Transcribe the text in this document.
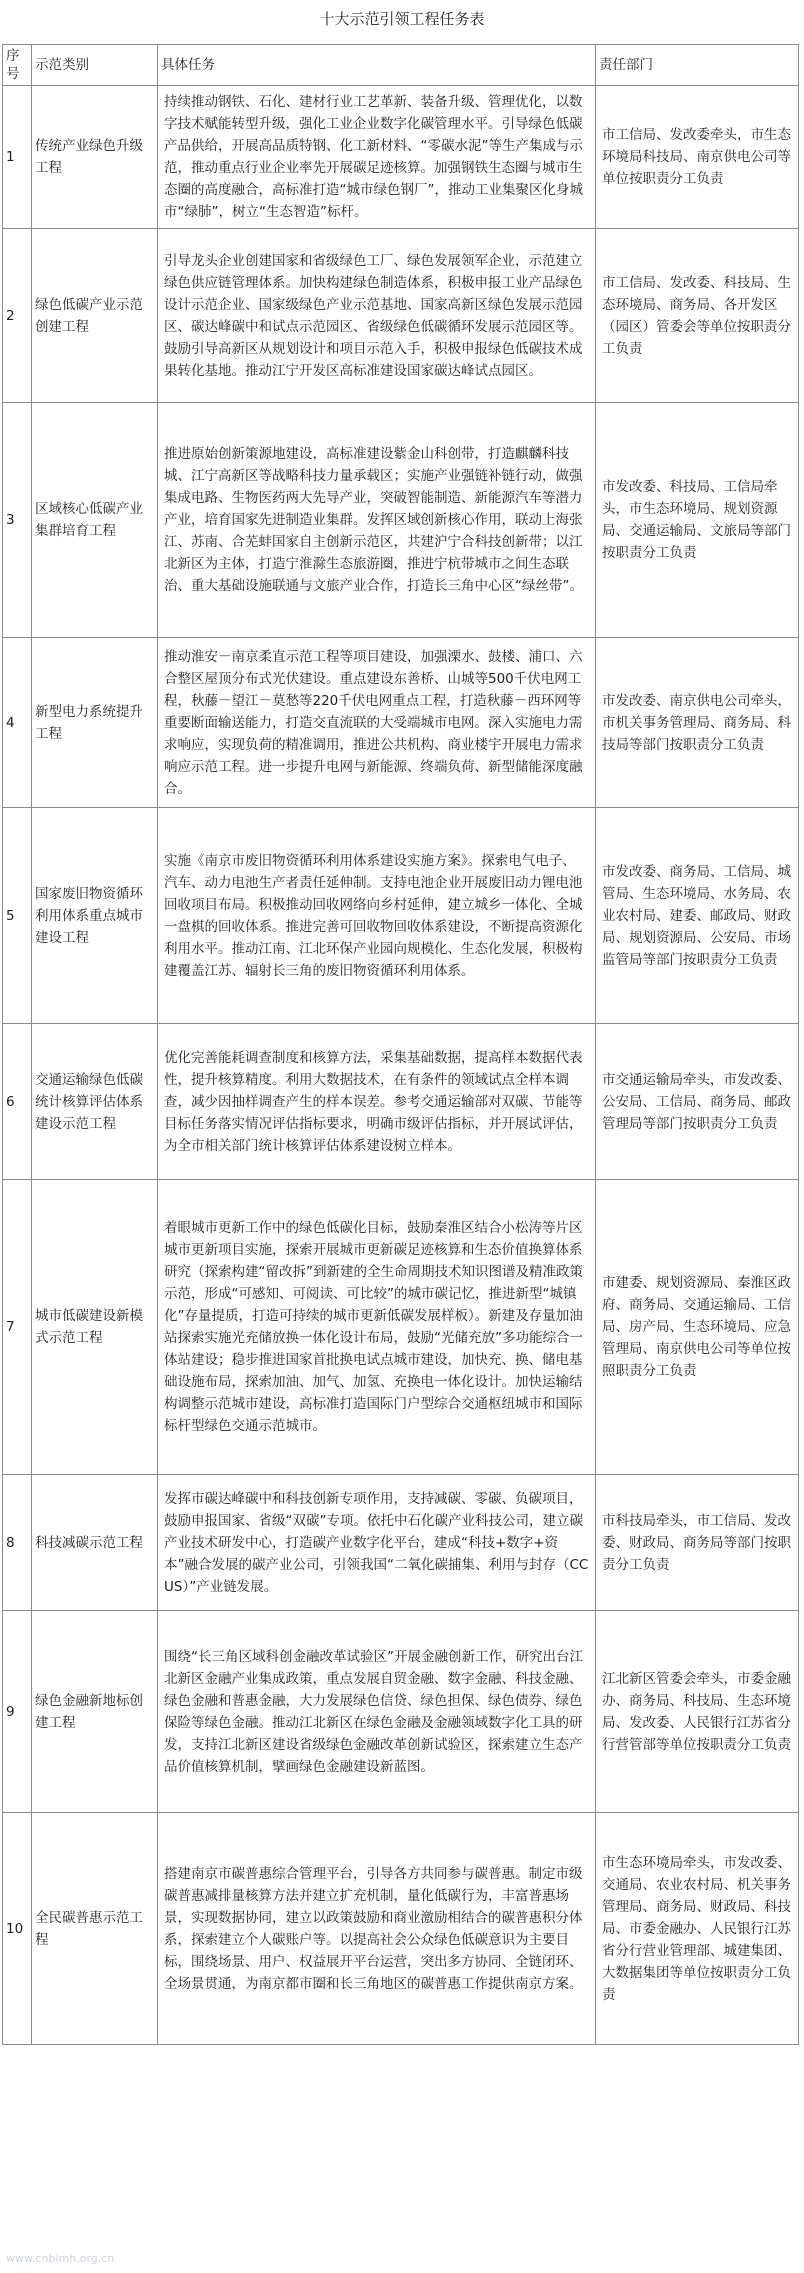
十大示范引领工程任务表
序号	示范类别	具体任务	责任部门
1	传统产业绿色升级工程	持续推动钢铁、石化、建材行业工艺革新、装备升级、管理优化，以数字技术赋能转型升级，强化工业企业数字化碳管理水平。引导绿色低碳产品供给，开展高品质特钢、化工新材料、“零碳水泥”等生产集成与示范，推动重点行业企业率先开展碳足迹核算。加强钢铁生态圈与城市生态圈的高度融合，高标准打造“城市绿色钢厂”，推动工业集聚区化身城市“绿肺”，树立“生态智造”标杆。	市工信局、发改委牵头，市生态环境局科技局、南京供电公司等单位按职责分工负责
2	绿色低碳产业示范创建工程	引导龙头企业创建国家和省级绿色工厂、绿色发展领军企业，示范建立绿色供应链管理体系。加快构建绿色制造体系，积极申报工业产品绿色设计示范企业、国家级绿色产业示范基地、国家高新区绿色发展示范园区、碳达峰碳中和试点示范园区、省级绿色低碳循环发展示范园区等。鼓励引导高新区从规划设计和项目示范入手，积极申报绿色低碳技术成果转化基地。推动江宁开发区高标准建设国家碳达峰试点园区。	市工信局、发改委、科技局、生态环境局、商务局、各开发区（园区）管委会等单位按职责分工负责
3	区域核心低碳产业集群培育工程	推进原始创新策源地建设，高标准建设紫金山科创带，打造麒麟科技城、江宁高新区等战略科技力量承载区；实施产业强链补链行动，做强集成电路、生物医药两大先导产业，突破智能制造、新能源汽车等潜力产业，培育国家先进制造业集群。发挥区域创新核心作用，联动上海张江、苏南、合芜蚌国家自主创新示范区，共建沪宁合科技创新带；以江北新区为主体，打造宁淮滁生态旅游圈，推进宁杭带城市之间生态联治、重大基础设施联通与文旅产业合作，打造长三角中心区“绿丝带”。	市发改委、科技局、工信局牵头，市生态环境局、规划资源局、交通运输局、文旅局等部门按职责分工负责
4	新型电力系统提升工程	推动淮安－南京柔直示范工程等项目建设，加强溧水、鼓楼、浦口、六合整区屋顶分布式光伏建设。重点建设东善桥、山城等500千伏电网工程，秋藤－望江－莫愁等220千伏电网重点工程，打造秋藤－西环网等重要断面输送能力，打造交直流联的大受端城市电网。深入实施电力需求响应，实现负荷的精准调用，推进公共机构、商业楼宇开展电力需求响应示范工程。进一步提升电网与新能源、终端负荷、新型储能深度融合。	市发改委、南京供电公司牵头，市机关事务管理局、商务局、科技局等部门按职责分工负责
5	国家废旧物资循环利用体系重点城市建设工程	实施《南京市废旧物资循环利用体系建设实施方案》。探索电气电子、汽车、动力电池生产者责任延伸制。支持电池企业开展废旧动力锂电池回收项目布局。积极推动回收网络向乡村延伸，建立城乡一体化、全城一盘棋的回收体系。推进完善可回收物回收体系建设，不断提高资源化利用水平。推动江南、江北环保产业园向规模化、生态化发展，积极构建覆盖江苏、辐射长三角的废旧物资循环利用体系。	市发改委、商务局、工信局、城管局、生态环境局、水务局、农业农村局、建委、邮政局、财政局、规划资源局、公安局、市场监管局等部门按职责分工负责
6	交通运输绿色低碳统计核算评估体系建设示范工程	优化完善能耗调查制度和核算方法，采集基础数据，提高样本数据代表性，提升核算精度。利用大数据技术，在有条件的领域试点全样本调查，减少因抽样调查产生的样本误差。参考交通运输部对双碳、节能等目标任务落实情况评估指标要求，明确市级评估指标，并开展试评估，为全市相关部门统计核算评估体系建设树立样本。	市交通运输局牵头，市发改委、公安局、工信局、商务局、邮政管理局等部门按职责分工负责
7	城市低碳建设新模式示范工程	着眼城市更新工作中的绿色低碳化目标，鼓励秦淮区结合小松涛等片区城市更新项目实施，探索开展城市更新碳足迹核算和生态价值换算体系研究（探索构建“留改拆”到新建的全生命周期技术知识图谱及精准政策示范，形成“可感知、可阅读、可比较”的城市碳记忆，推进新型“城镇化”存量提质，打造可持续的城市更新低碳发展样板）。新建及存量加油站探索实施光充储放换一体化设计布局，鼓励“光储充放”多功能综合一体站建设；稳步推进国家首批换电试点城市建设，加快充、换、储电基础设施布局，探索加油、加气、加氢、充换电一体化设计。加快运输结构调整示范城市建设，高标准打造国际门户型综合交通枢纽城市和国际标杆型绿色交通示范城市。	市建委、规划资源局、秦淮区政府、商务局、交通运输局、工信局、房产局、生态环境局、应急管理局、南京供电公司等单位按照职责分工负责
8	科技减碳示范工程	发挥市碳达峰碳中和科技创新专项作用，支持减碳、零碳、负碳项目，鼓励申报国家、省级“双碳”专项。依托中石化碳产业科技公司，建立碳产业技术研发中心，打造碳产业数字化平台，建成“科技+数字+资本”融合发展的碳产业公司，引领我国“二氧化碳捕集、利用与封存（CCUS）”产业链发展。	市科技局牵头，市工信局、发改委、财政局、商务局等部门按职责分工负责
9	绿色金融新地标创建工程	围绕“长三角区域科创金融改革试验区”开展金融创新工作，研究出台江北新区金融产业集成政策，重点发展自贸金融、数字金融、科技金融、绿色金融和普惠金融，大力发展绿色信贷、绿色担保、绿色债券、绿色保险等绿色金融。推动江北新区在绿色金融及金融领域数字化工具的研发，支持江北新区建设省级绿色金融改革创新试验区，探索建立生态产品价值核算机制，擘画绿色金融建设新蓝图。	江北新区管委会牵头，市委金融办、商务局、科技局、生态环境局、发改委、人民银行江苏省分行营管部等单位按职责分工负责
10	全民碳普惠示范工程	搭建南京市碳普惠综合管理平台，引导各方共同参与碳普惠。制定市级碳普惠减排量核算方法并建立扩充机制，量化低碳行为，丰富普惠场景，实现数据协同，建立以政策鼓励和商业激励相结合的碳普惠积分体系，探索建立个人碳账户等。以提高社会公众绿色低碳意识为主要目标，围绕场景、用户、权益展开平台运营，突出多方协同、全链闭环、全场景贯通，为南京都市圈和长三角地区的碳普惠工作提供南京方案。	市生态环境局牵头，市发改委、交通局、农业农村局、机关事务管理局、商务局、财政局、科技局、市委金融办、人民银行江苏省分行营业管理部、城建集团、大数据集团等单位按职责分工负责
www.cnbimh.org.cn
